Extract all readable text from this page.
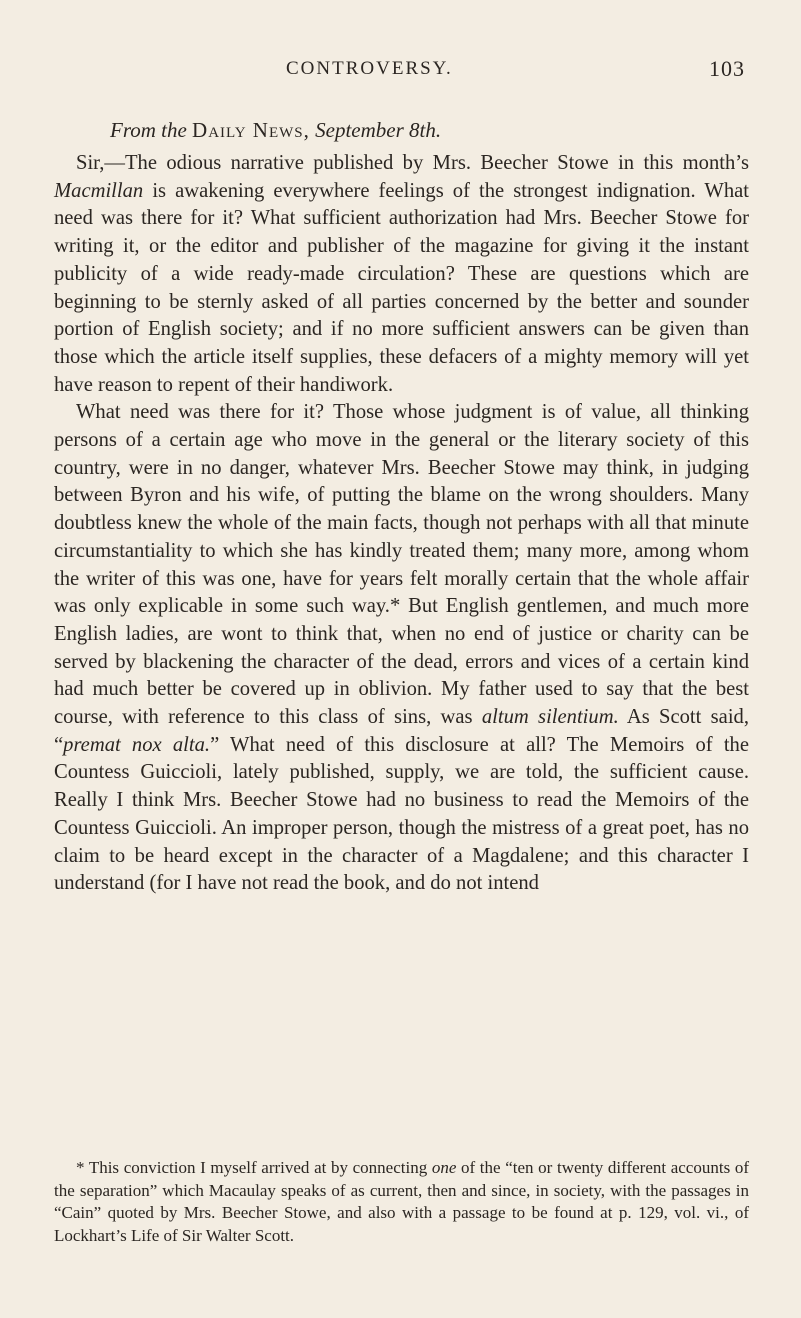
CONTROVERSY.	103
From the Daily News, September 8th.

Sir,—The odious narrative published by Mrs. Beecher Stowe in this month’s Macmillan is awakening everywhere feelings of the strongest indignation. What need was there for it? What sufficient authorization had Mrs. Beecher Stowe for writing it, or the editor and publisher of the magazine for giving it the instant publicity of a wide ready-made circulation? These are questions which are beginning to be sternly asked of all parties concerned by the better and sounder portion of English society; and if no more sufficient answers can be given than those which the article itself supplies, these defacers of a mighty memory will yet have reason to repent of their handiwork.

What need was there for it? Those whose judgment is of value, all thinking persons of a certain age who move in the general or the literary society of this country, were in no danger, whatever Mrs. Beecher Stowe may think, in judging between Byron and his wife, of putting the blame on the wrong shoulders. Many doubtless knew the whole of the main facts, though not perhaps with all that minute circumstantiality to which she has kindly treated them; many more, among whom the writer of this was one, have for years felt morally certain that the whole affair was only explicable in some such way.* But English gentlemen, and much more English ladies, are wont to think that, when no end of justice or charity can be served by blackening the character of the dead, errors and vices of a certain kind had much better be covered up in oblivion. My father used to say that the best course, with reference to this class of sins, was altum silentium. As Scott said, “premat nox alta.” What need of this disclosure at all? The Memoirs of the Countess Guiccioli, lately published, supply, we are told, the sufficient cause. Really I think Mrs. Beecher Stowe had no business to read the Memoirs of the Countess Guiccioli. An improper person, though the mistress of a great poet, has no claim to be heard except in the character of a Magdalene; and this character I understand (for I have not read the book, and do not intend

* This conviction I myself arrived at by connecting one of the “ten or twenty different accounts of the separation” which Macaulay speaks of as current, then and since, in society, with the passages in “Cain” quoted by Mrs. Beecher Stowe, and also with a passage to be found at p. 129, vol. vi., of Lockhart’s Life of Sir Walter Scott.
